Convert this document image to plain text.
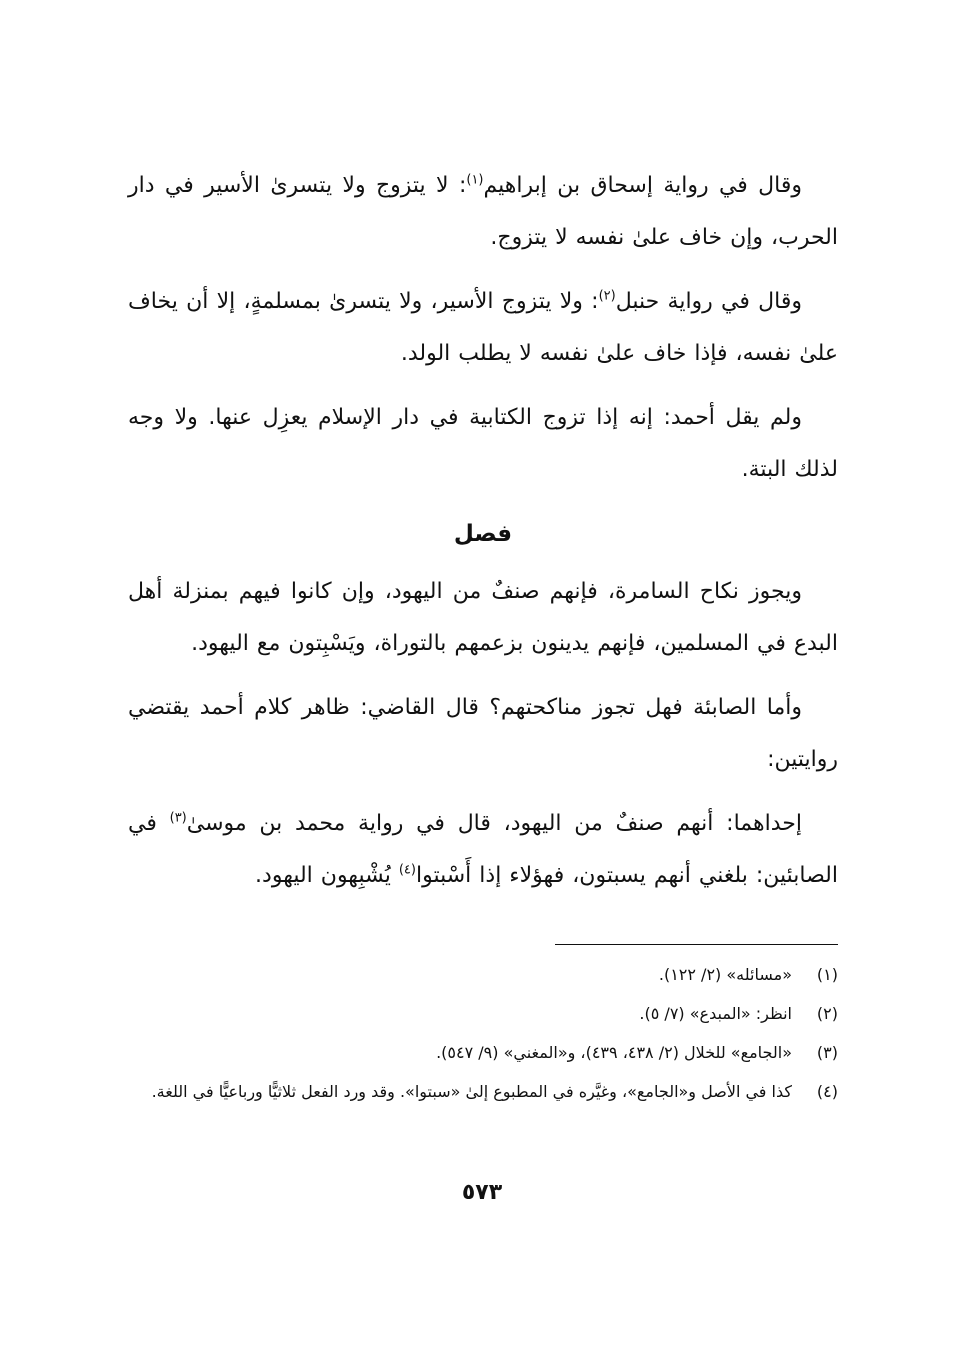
وقال في رواية إسحاق بن إبراهيم$^{(١)}$: لا يتزوج ولا يتسرىٰ الأسير في دار الحرب، وإن خاف علىٰ نفسه لا يتزوج.

وقال في رواية حنبل$^{(٢)}$: ولا يتزوج الأسير، ولا يتسرىٰ بمسلمةٍ، إلا أن يخاف علىٰ نفسه، فإذا خاف علىٰ نفسه لا يطلب الولد.

ولم يقل أحمد: إنه إذا تزوج الكتابية في دار الإسلام يعزِل عنها. ولا وجه لذلك البتة.

فصل

ويجوز نكاح السامرة، فإنهم صنفٌ من اليهود، وإن كانوا فيهم بمنزلة أهل البدع في المسلمين، فإنهم يدينون بزعمهم بالتوراة، ويَسْبِتون مع اليهود.

وأما الصابئة فهل تجوز مناكحتهم؟ قال القاضي: ظاهر كلام أحمد يقتضي روايتين:

إحداهما: أنهم صنفٌ من اليهود، قال في رواية محمد بن موسىٰ$^{(٣)}$ في الصابئين: بلغني أنهم يسبتون، فهؤلاء إذا أَسْبتوا$^{(٤)}$ يُشْبِهون اليهود.

(١)
«مسائله» (٢/ ١٢٢).
(٢)
انظر: «المبدع» (٧/ ٥).
(٣)
«الجامع» للخلال (٢/ ٤٣٨، ٤٣٩)، و«المغني» (٩/ ٥٤٧).
(٤)
كذا في الأصل و«الجامع»، وغيَّره في المطبوع إلىٰ «سبتوا». وقد ورد الفعل ثلاثيًّا ورباعيًّا في اللغة.
٥٧٣
